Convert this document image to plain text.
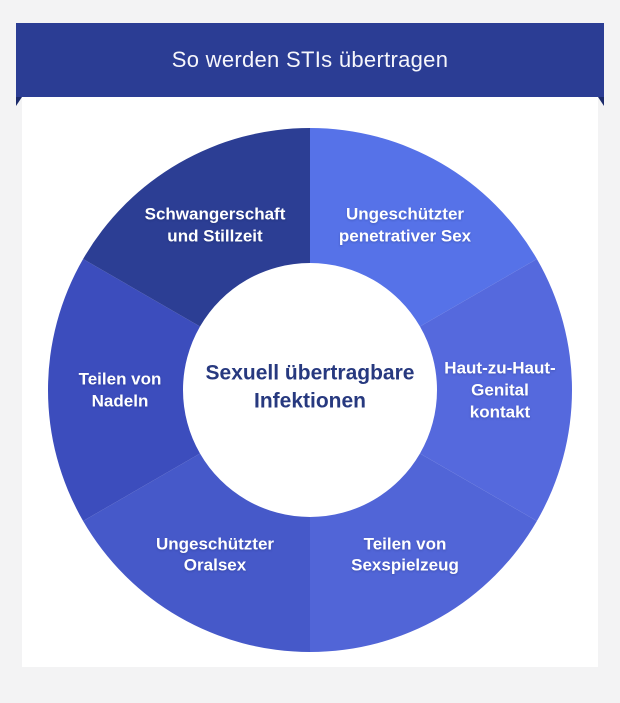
So werden STIs übertragen
Sexuell übertragbare
Infektionen
Ungeschützter
penetrativer Sex
Haut-zu-Haut-
Genital
kontakt
Teilen von
Sexspielzeug
Ungeschützter
Oralsex
Teilen von
Nadeln
Schwangerschaft
und Stillzeit
